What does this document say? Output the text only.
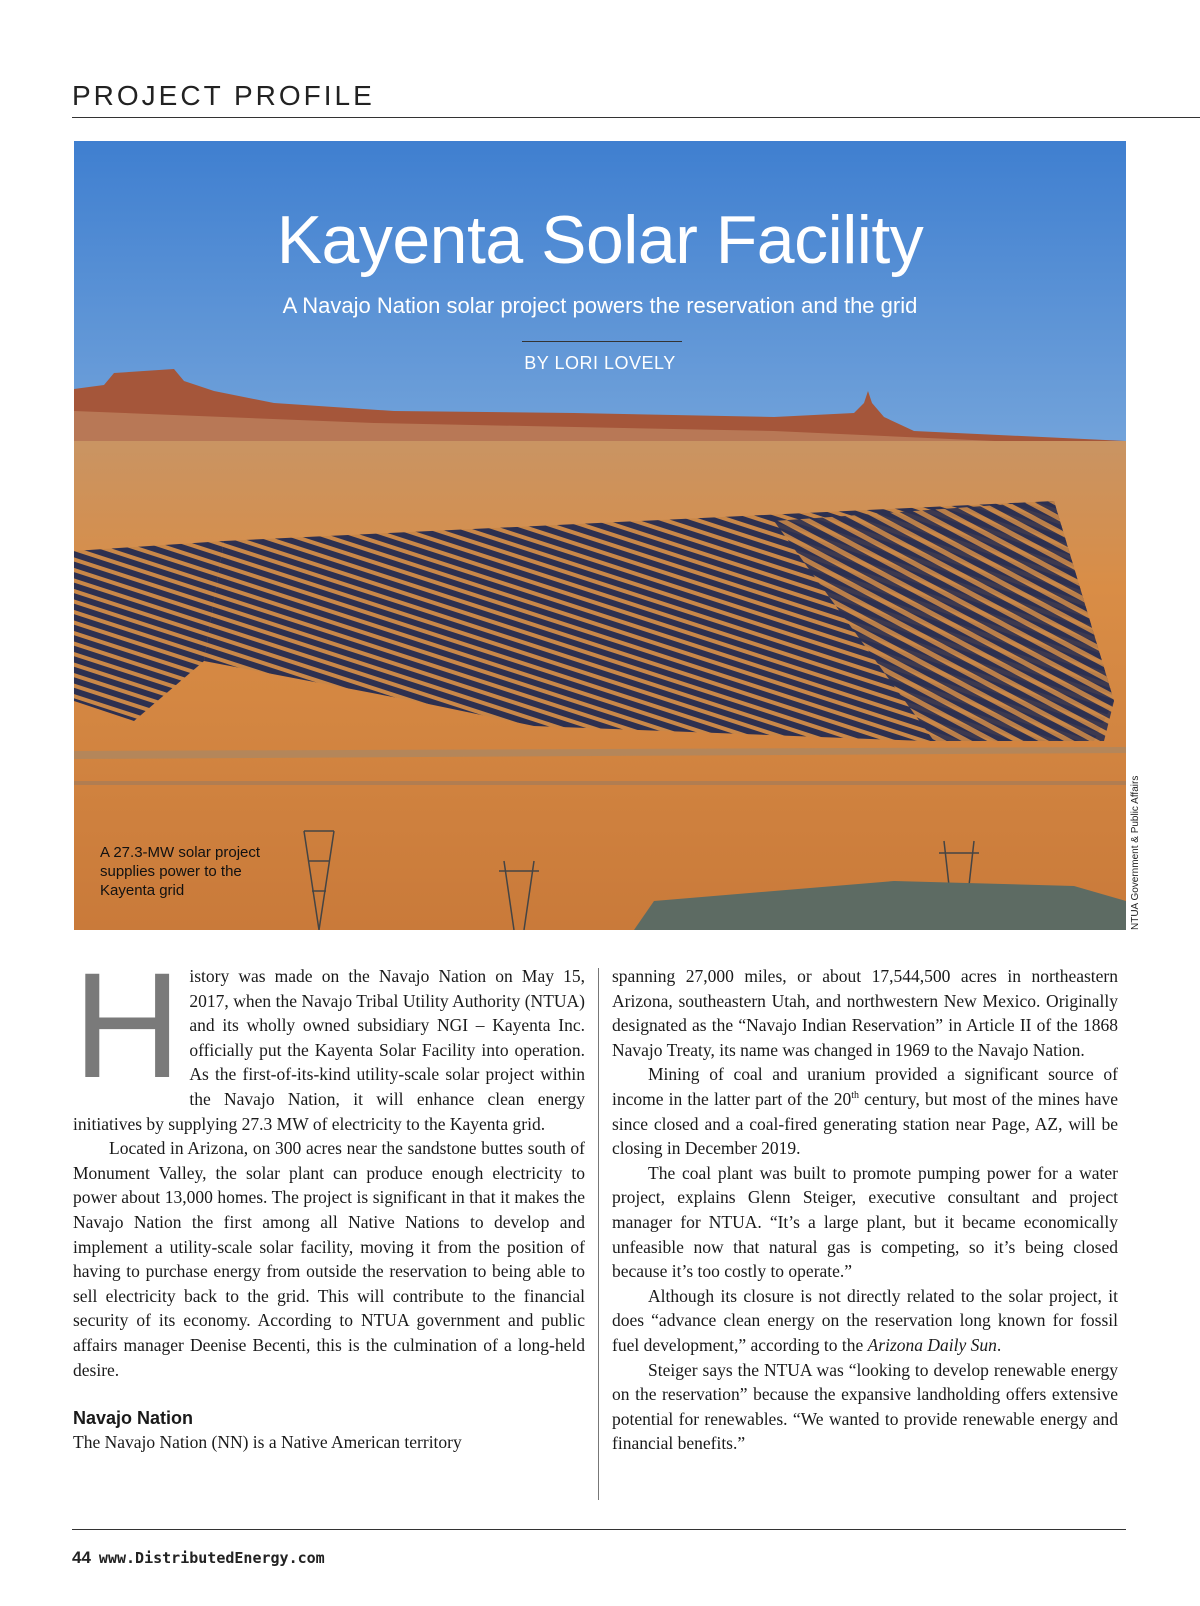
PROJECT PROFILE
Kayenta Solar Facility
A Navajo Nation solar project powers the reservation and the grid
BY LORI LOVELY
A 27.3-MW solar project
supplies power to the
Kayenta grid	NTUA Government & Public Affairs
H istory was made on the Navajo Nation on May 15, 2017, when the Navajo Tribal Utility Authority (NTUA) and its wholly owned subsidiary NGI – Kayenta Inc. officially put the Kayenta Solar Facility into operation. As the first-of-its-kind utility-scale solar project within the Navajo Nation, it will enhance clean energy initiatives by supplying 27.3 MW of electricity to the Kayenta grid.

Located in Arizona, on 300 acres near the sandstone buttes south of Monument Valley, the solar plant can produce enough electricity to power about 13,000 homes. The project is significant in that it makes the Navajo Nation the first among all Native Nations to develop and implement a utility-scale solar facility, moving it from the position of having to purchase energy from outside the reservation to being able to sell electricity back to the grid. This will contribute to the financial security of its economy. According to NTUA government and public affairs manager Deenise Becenti, this is the culmination of a long-held desire.

Navajo Nation

The Navajo Nation (NN) is a Native American territory

spanning 27,000 miles, or about 17,544,500 acres in northeastern Arizona, southeastern Utah, and northwestern New Mexico. Originally designated as the “Navajo Indian Reservation” in Article II of the 1868 Navajo Treaty, its name was changed in 1969 to the Navajo Nation.

Mining of coal and uranium provided a significant source of income in the latter part of the 20th century, but most of the mines have since closed and a coal-fired generating station near Page, AZ, will be closing in December 2019.

The coal plant was built to promote pumping power for a water project, explains Glenn Steiger, executive consultant and project manager for NTUA. “It’s a large plant, but it became economically unfeasible now that natural gas is competing, so it’s being closed because it’s too costly to operate.”

Although its closure is not directly related to the solar project, it does “advance clean energy on the reservation long known for fossil fuel development,” according to the Arizona Daily Sun.

Steiger says the NTUA was “looking to develop renewable energy on the reservation” because the expansive landholding offers extensive potential for renewables. “We wanted to provide renewable energy and financial benefits.”

44 www.DistributedEnergy.com
